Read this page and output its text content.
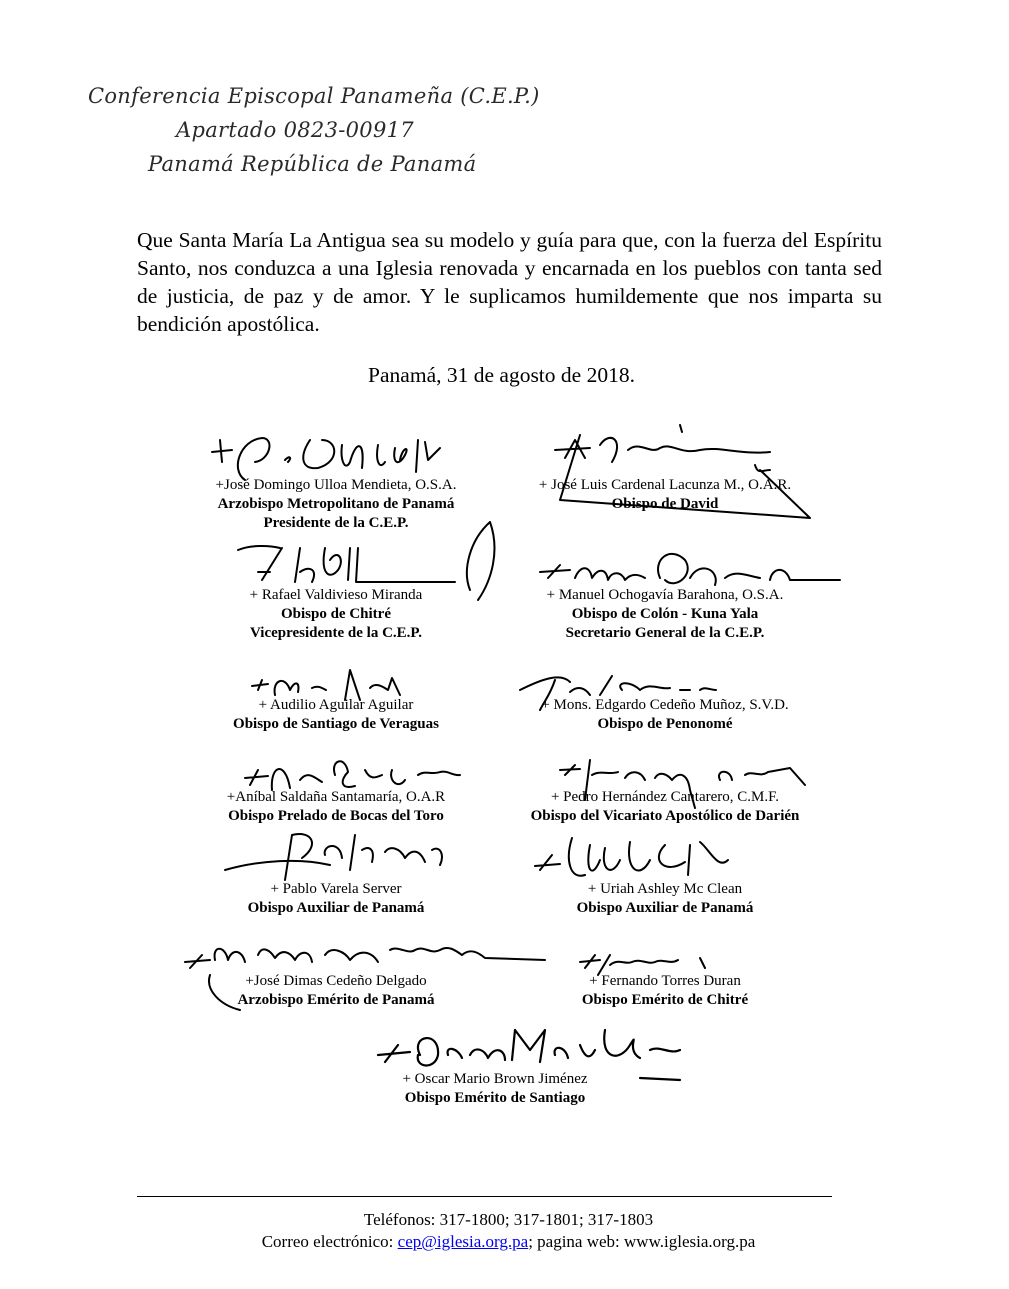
Conferencia Episcopal Panameña (C.E.P.)
Apartado 0823-00917
Panamá República de Panamá
Que Santa María La Antigua sea su modelo y guía para que, con la fuerza del Espíritu Santo, nos conduzca a una Iglesia renovada y encarnada en los pueblos con tanta sed de justicia, de paz y de amor. Y le suplicamos humildemente que nos imparta su bendición apostólica.
Panamá, 31 de agosto de 2018.
+José Domingo Ulloa Mendieta, O.S.A.
Arzobispo Metropolitano de Panamá
Presidente de la C.E.P.
+ José Luis Cardenal Lacunza M., O.A.R.
Obispo de David
+ Rafael Valdivieso Miranda
Obispo de Chitré
Vicepresidente de la C.E.P.
+ Manuel Ochogavía Barahona, O.S.A.
Obispo de Colón - Kuna Yala
Secretario General de la C.E.P.
+ Audilio Aguilar Aguilar
Obispo de Santiago de Veraguas
+ Mons. Edgardo Cedeño Muñoz, S.V.D.
Obispo de Penonomé
+Aníbal Saldaña Santamaría, O.A.R
Obispo Prelado de Bocas del Toro
+ Pedro Hernández Cantarero, C.M.F.
Obispo del Vicariato Apostólico de Darién
+ Pablo Varela Server
Obispo Auxiliar de Panamá
+ Uriah Ashley Mc Clean
Obispo Auxiliar de Panamá
+José Dimas Cedeño Delgado
Arzobispo Emérito de Panamá
+ Fernando Torres Duran
Obispo Emérito de Chitré
+ Oscar Mario Brown Jiménez
Obispo Emérito de Santiago
Teléfonos: 317-1800; 317-1801; 317-1803
Correo electrónico: cep@iglesia.org.pa; pagina web: www.iglesia.org.pa
